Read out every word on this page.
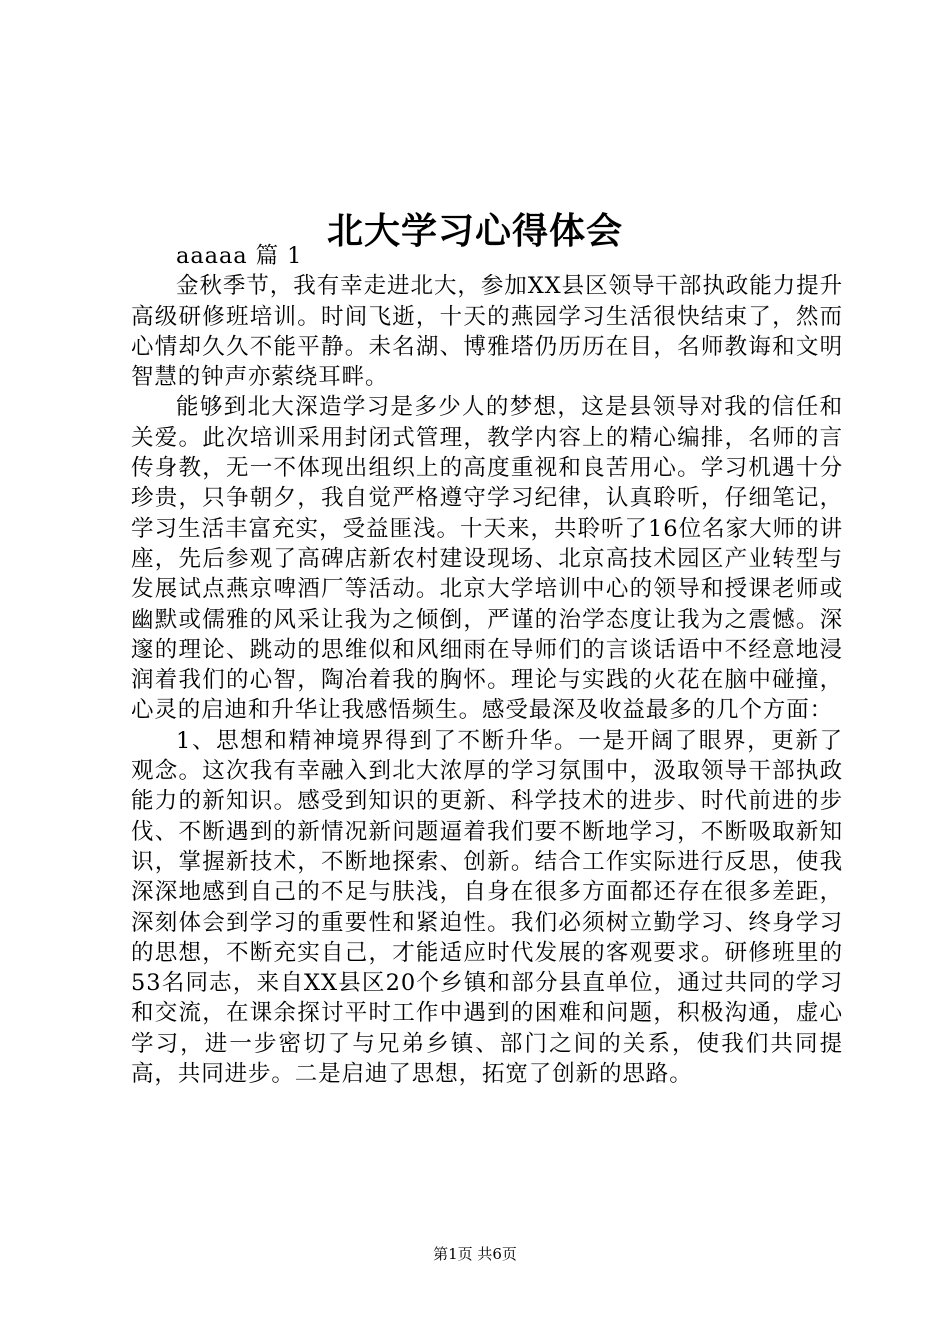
北大学习心得体会
aaaaa 篇 1

金秋季节，我有幸走进北大，参加XX县区领导干部执政能力提升高级研修班培训。时间飞逝，十天的燕园学习生活很快结束了，然而心情却久久不能平静。未名湖、博雅塔仍历历在目，名师教诲和文明智慧的钟声亦萦绕耳畔。

能够到北大深造学习是多少人的梦想，这是县领导对我的信任和关爱。此次培训采用封闭式管理，教学内容上的精心编排，名师的言传身教，无一不体现出组织上的高度重视和良苦用心。学习机遇十分珍贵，只争朝夕，我自觉严格遵守学习纪律，认真聆听，仔细笔记，学习生活丰富充实，受益匪浅。十天来，共聆听了16位名家大师的讲座，先后参观了高碑店新农村建设现场、北京高技术园区产业转型与发展试点燕京啤酒厂等活动。北京大学培训中心的领导和授课老师或幽默或儒雅的风采让我为之倾倒，严谨的治学态度让我为之震憾。深邃的理论、跳动的思维似和风细雨在导师们的言谈话语中不经意地浸润着我们的心智，陶冶着我的胸怀。理论与实践的火花在脑中碰撞，心灵的启迪和升华让我感悟频生。感受最深及收益最多的几个方面：

1、思想和精神境界得到了不断升华。一是开阔了眼界，更新了观念。这次我有幸融入到北大浓厚的学习氛围中，汲取领导干部执政能力的新知识。感受到知识的更新、科学技术的进步、时代前进的步伐、不断遇到的新情况新问题逼着我们要不断地学习，不断吸取新知识，掌握新技术，不断地探索、创新。结合工作实际进行反思，使我深深地感到自己的不足与肤浅，自身在很多方面都还存在很多差距，深刻体会到学习的重要性和紧迫性。我们必须树立勤学习、终身学习的思想，不断充实自己，才能适应时代发展的客观要求。研修班里的53名同志，来自XX县区20个乡镇和部分县直单位，通过共同的学习和交流，在课余探讨平时工作中遇到的困难和问题，积极沟通，虚心学习，进一步密切了与兄弟乡镇、部门之间的关系，使我们共同提高，共同进步。二是启迪了思想，拓宽了创新的思路。

第1页 共6页
